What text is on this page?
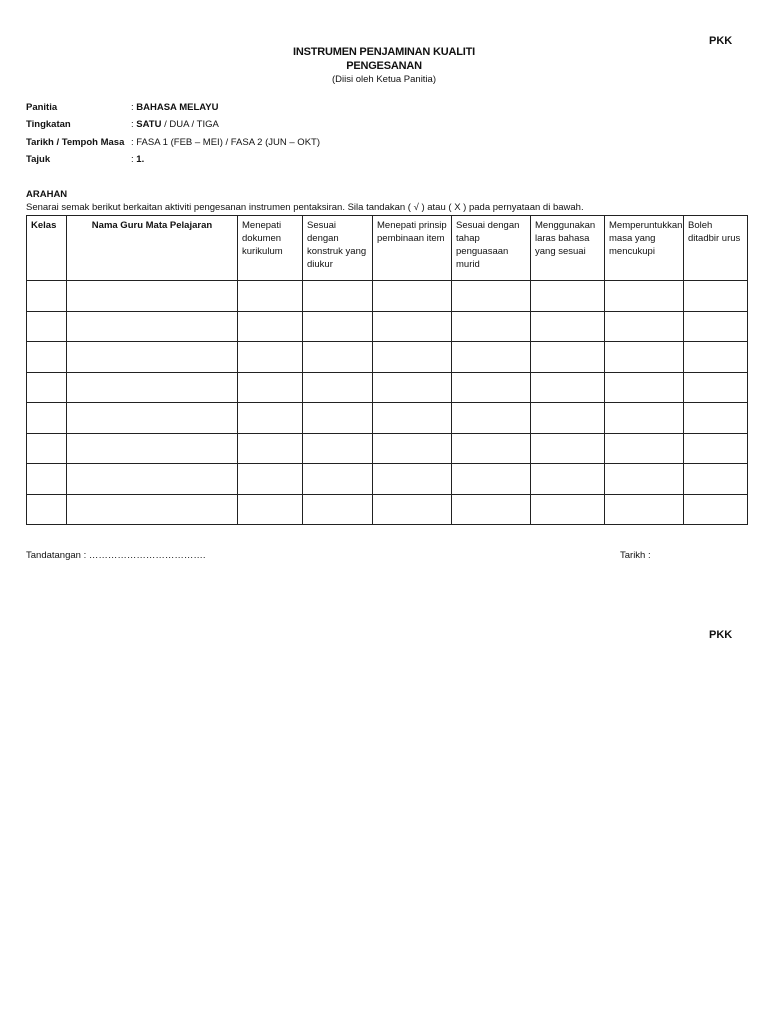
PKK
INSTRUMEN PENJAMINAN KUALITI
PENGESANAN
(Diisi oleh Ketua Panitia)
Panitia	: BAHASA MELAYU
Tingkatan	: SATU / DUA / TIGA
Tarikh / Tempoh Masa : FASA 1 (FEB – MEI) / FASA 2 (JUN – OKT)
Tajuk	: 1.
ARAHAN
Senarai semak berikut berkaitan aktiviti pengesanan instrumen pentaksiran. Sila tandakan ( √ ) atau ( X ) pada pernyataan di bawah.
Kelas	Nama Guru Mata Pelajaran	Menepati dokumen kurikulum	Sesuai dengan konstruk yang diukur	Menepati prinsip pembinaan item	Sesuai dengan tahap penguasaan murid	Menggunakan laras bahasa yang sesuai	Memperuntukkan masa yang mencukupi	Boleh ditadbir urus

Tandatangan : ……………………………….	Tarikh :
PKK
